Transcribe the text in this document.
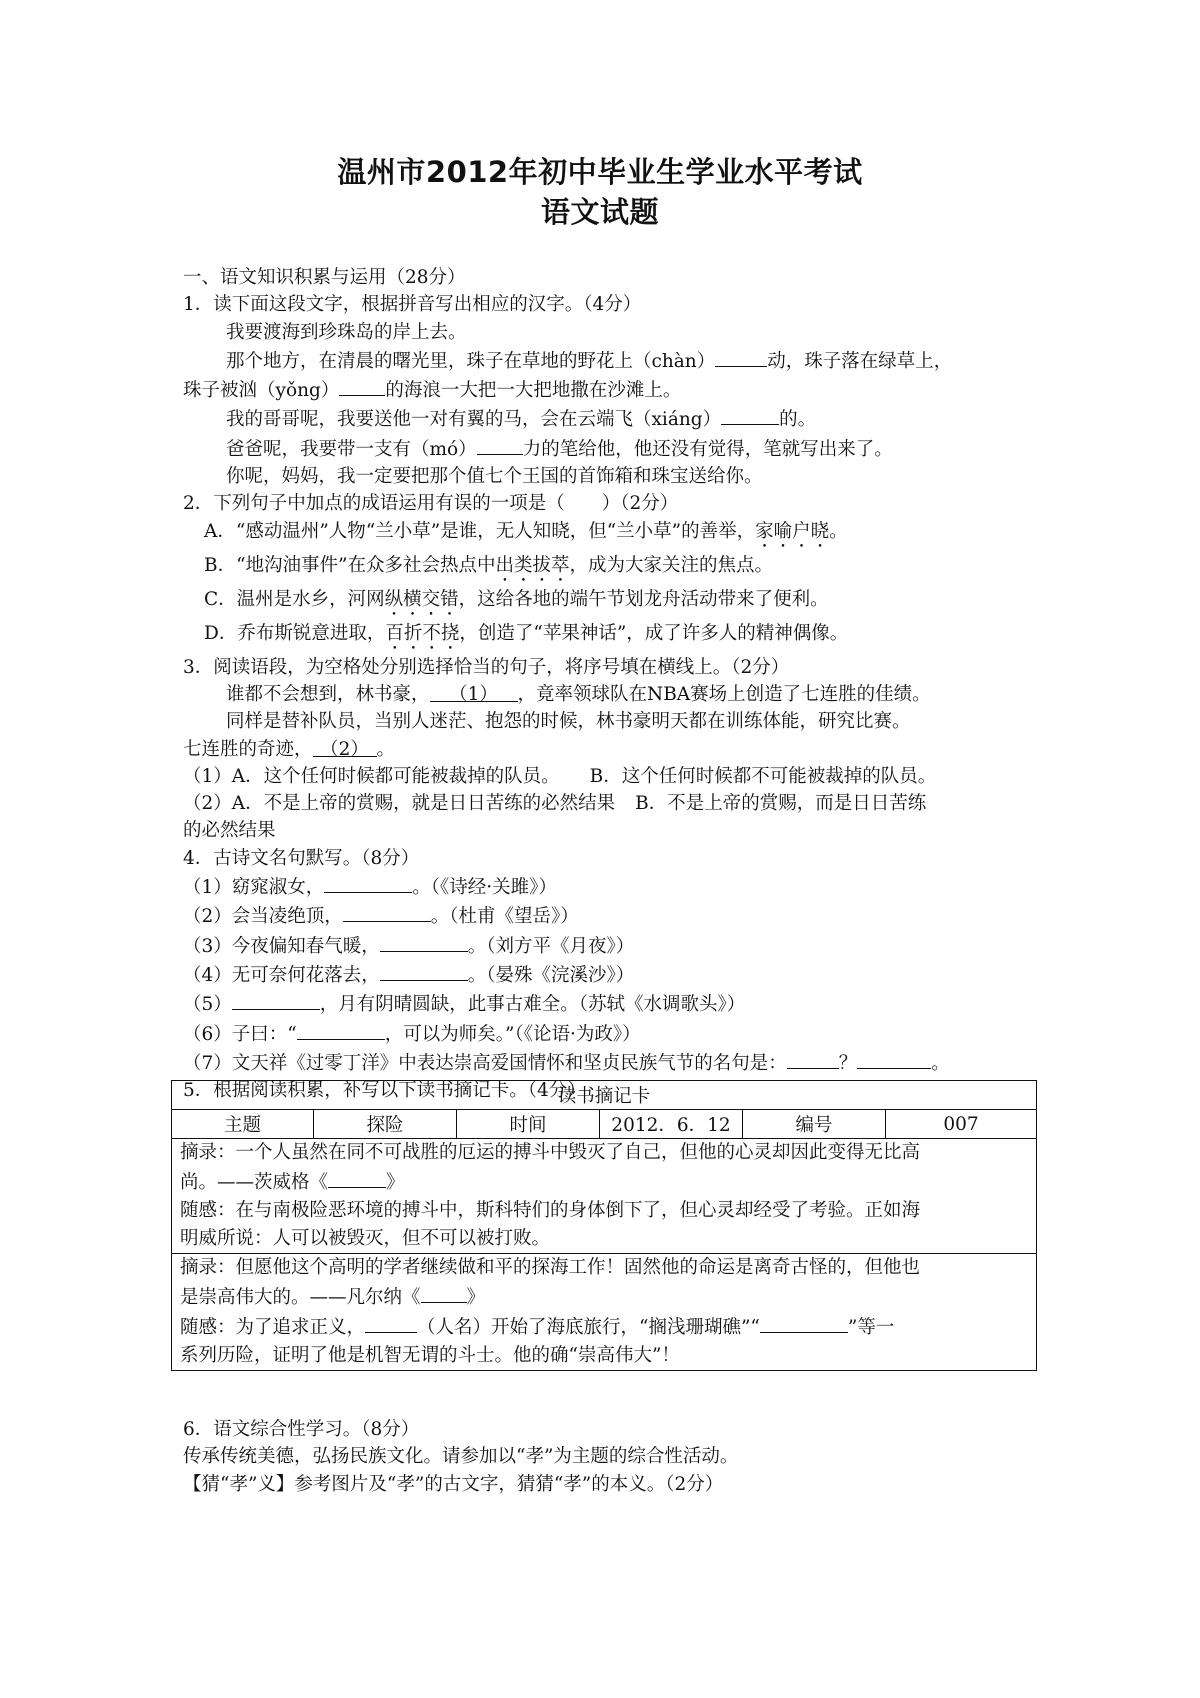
温州市2012年初中毕业生学业水平考试
语文试题
一、语文知识积累与运用（28分）
1．读下面这段文字，根据拼音写出相应的汉字。（4分）
我要渡海到珍珠岛的岸上去。
那个地方，在清晨的曙光里，珠子在草地的野花上（chàn）	动，珠子落在绿草上，
珠子被汹（yǒng） 的海浪一大把一大把地撒在沙滩上。
我的哥哥呢，我要送他一对有翼的马，会在云端飞（xiáng）	的。
爸爸呢，我要带一支有（mó） 力的笔给他，他还没有觉得，笔就写出来了。
你呢，妈妈，我一定要把那个值七个王国的首饰箱和珠宝送给你。
2．下列句子中加点的成语运用有误的一项是（　　）（2分）
A．“感动温州”人物“兰小草”是谁，无人知晓，但“兰小草”的善举，家喻户晓。
B．“地沟油事件”在众多社会热点中出类拔萃，成为大家关注的焦点。
C．温州是水乡，河网纵横交错，这给各地的端午节划龙舟活动带来了便利。
D．乔布斯锐意进取，百折不挠，创造了“苹果神话”，成了许多人的精神偶像。
3．阅读语段，为空格处分别选择恰当的句子，将序号填在横线上。（2分）
谁都不会想到，林书豪， （1） ，竟率领球队在NBA赛场上创造了七连胜的佳绩。
同样是替补队员，当别人迷茫、抱怨的时候，林书豪明天都在训练体能，研究比赛。
七连胜的奇迹， （2） 。
（1）A．这个任何时候都可能被裁掉的队员。 B．这个任何时候都不可能被裁掉的队员。
（2）A．不是上帝的赏赐，就是日日苦练的必然结果 B．不是上帝的赏赐，而是日日苦练
的必然结果
4．古诗文名句默写。（8分）
（1）窈窕淑女，	。（《诗经·关雎》）
（2）会当凌绝顶，	。（杜甫《望岳》）
（3）今夜偏知春气暖，	。（刘方平《月夜》）
（4）无可奈何花落去，	。（晏殊《浣溪沙》）
（5）	，月有阴晴圆缺，此事古难全。（苏轼《水调歌头》）
（6）子曰：“	，可以为师矣。”（《论语·为政》）
（7）文天祥《过零丁洋》中表达崇高爱国情怀和坚贞民族气节的名句是：	？	。
5．根据阅读积累，补写以下读书摘记卡。（4分）
读书摘记卡
主题	探险	时间	2012．6．12	编号	007

摘录：一个人虽然在同不可战胜的厄运的搏斗中毁灭了自己，但他的心灵却因此变得无比高
尚。——茨威格《	》
随感：在与南极险恶环境的搏斗中，斯科特们的身体倒下了，但心灵却经受了考验。正如海
明威所说：人可以被毁灭，但不可以被打败。

摘录：但愿他这个高明的学者继续做和平的探海工作！固然他的命运是离奇古怪的，但他也
是崇高伟大的。——凡尔纳《 》
随感：为了追求正义，	（人名）开始了海底旅行，“搁浅珊瑚礁”“	”等一
系列历险，证明了他是机智无谓的斗士。他的确“崇高伟大”！
6．语文综合性学习。（8分）
传承传统美德，弘扬民族文化。请参加以“孝”为主题的综合性活动。
【猜“孝”义】参考图片及“孝”的古文字，猜猜“孝”的本义。（2分）
